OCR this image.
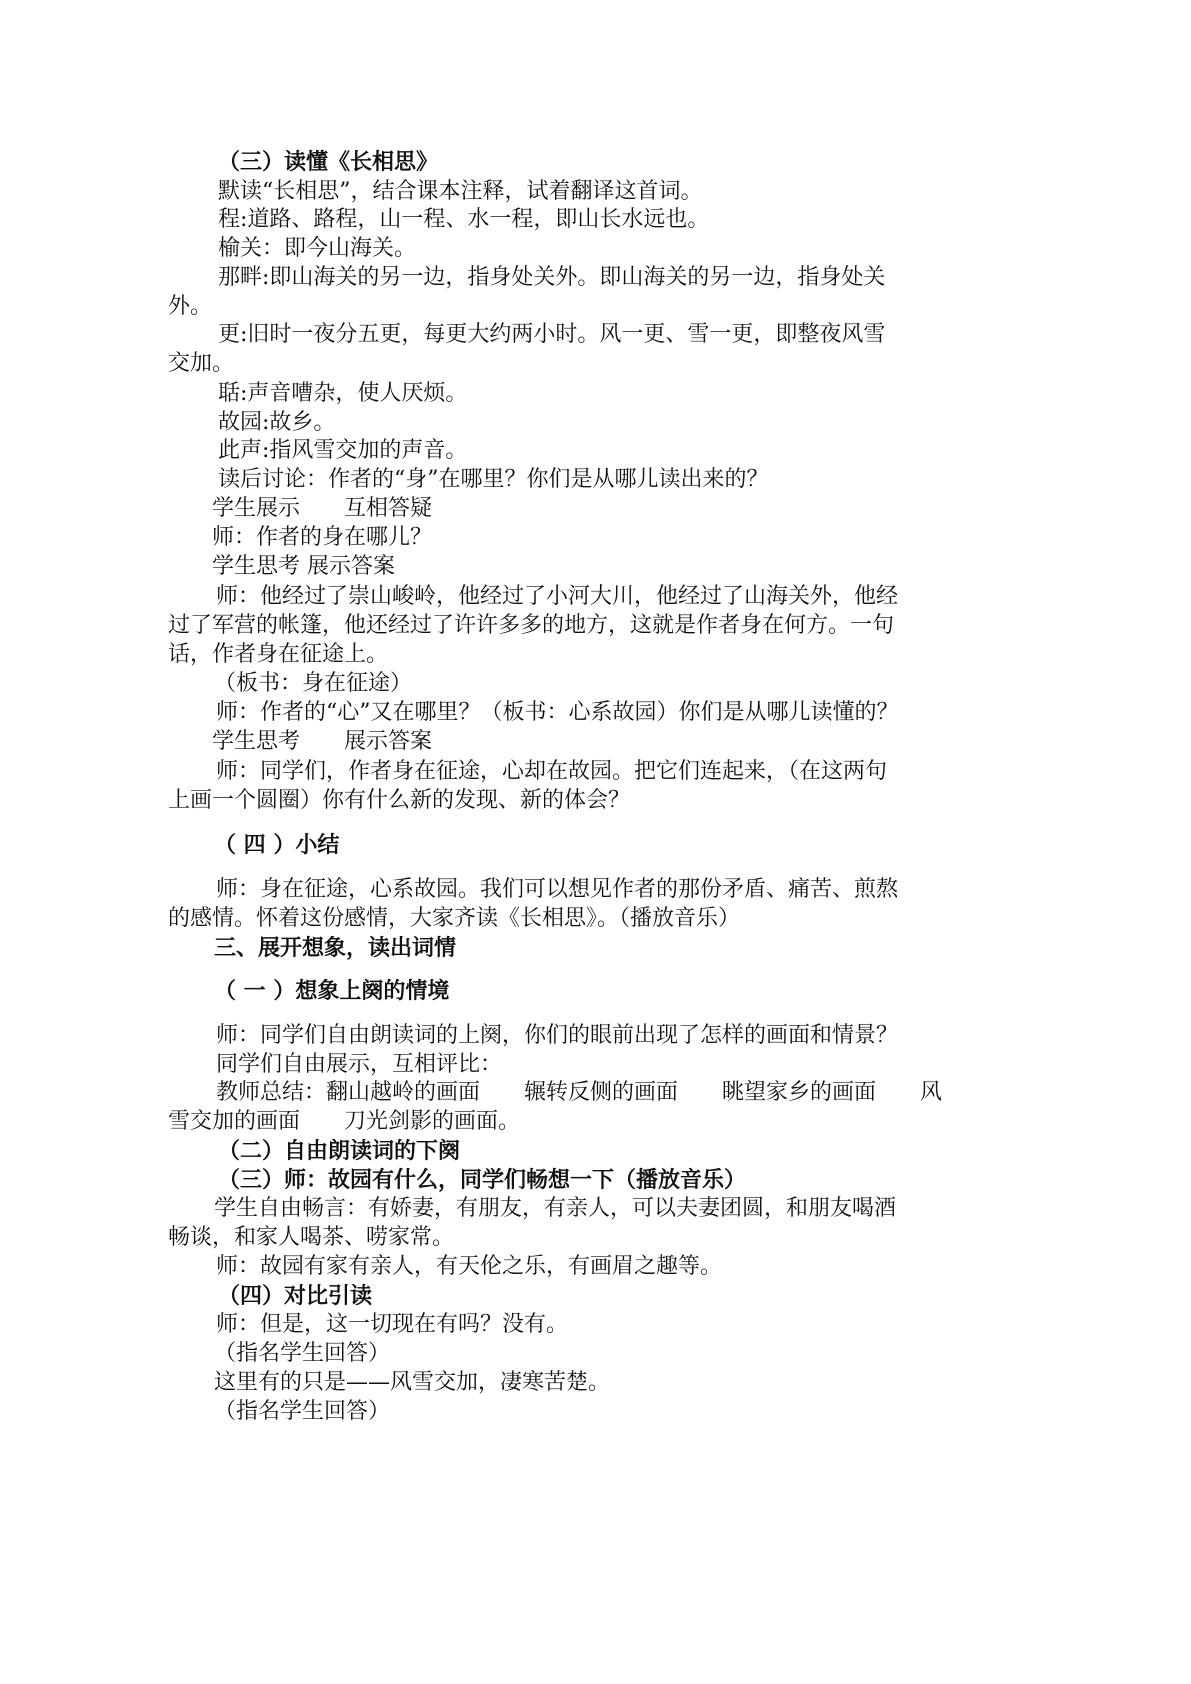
（三）读懂《长相思》
默读“长相思”，结合课本注释，试着翻译这首词。
程:道路、路程，山一程、水一程，即山长水远也。
榆关：即今山海关。
那畔:即山海关的另一边，指身处关外。即山海关的另一边，指身处关
外。
更:旧时一夜分五更，每更大约两小时。风一更、雪一更，即整夜风雪
交加。
聒:声音嘈杂，使人厌烦。
故园:故乡。
此声:指风雪交加的声音。
读后讨论：作者的“身”在哪里？你们是从哪儿读出来的？
学生展示　　互相答疑
师：作者的身在哪儿？
学生思考 展示答案
师：他经过了崇山峻岭，他经过了小河大川，他经过了山海关外，他经
过了军营的帐篷，他还经过了许许多多的地方，这就是作者身在何方。一句
话，作者身在征途上。
（板书：身在征途）
师：作者的“心”又在哪里？（板书：心系故园）你们是从哪儿读懂的？
学生思考　　展示答案
师：同学们，作者身在征途，心却在故园。把它们连起来，（在这两句
上画一个圆圈）你有什么新的发现、新的体会？
（ 四 ）小结
师：身在征途，心系故园。我们可以想见作者的那份矛盾、痛苦、煎熬
的感情。怀着这份感情，大家齐读《长相思》。（播放音乐）
三、展开想象，读出词情
（ 一 ）想象上阕的情境
师：同学们自由朗读词的上阕，你们的眼前出现了怎样的画面和情景？
同学们自由展示，互相评比：
教师总结：翻山越岭的画面　　辗转反侧的画面　　眺望家乡的画面　　风
雪交加的画面　　刀光剑影的画面。
（二）自由朗读词的下阕
（三）师：故园有什么，同学们畅想一下（播放音乐）
学生自由畅言：有娇妻，有朋友，有亲人，可以夫妻团圆，和朋友喝酒
畅谈，和家人喝茶、唠家常。
师：故园有家有亲人，有天伦之乐，有画眉之趣等。
（四）对比引读
师：但是，这一切现在有吗？没有。
（指名学生回答）
这里有的只是——风雪交加，凄寒苦楚。
（指名学生回答）
